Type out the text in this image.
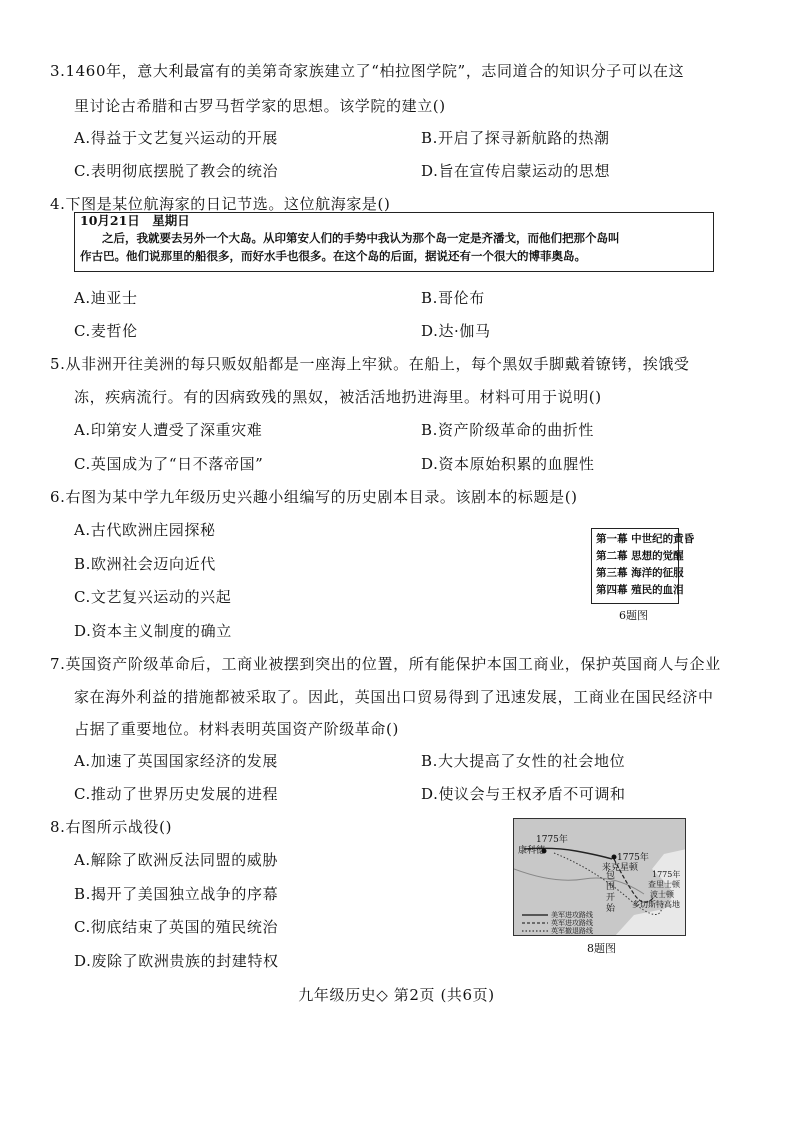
3.1460年，意大利最富有的美第奇家族建立了“柏拉图学院”，志同道合的知识分子可以在这
里讨论古希腊和古罗马哲学家的思想。该学院的建立()
A.得益于文艺复兴运动的开展	B.开启了探寻新航路的热潮
C.表明彻底摆脱了教会的统治	D.旨在宣传启蒙运动的思想
4.下图是某位航海家的日记节选。这位航海家是()
10月21日　星期日
之后，我就要去另外一个大岛。从印第安人们的手势中我认为那个岛一定是齐潘戈，而他们把那个岛叫
作古巴。他们说那里的船很多，而好水手也很多。在这个岛的后面，据说还有一个很大的博菲奥岛。
A.迪亚士	B.哥伦布
C.麦哲伦	D.达·伽马
5.从非洲开往美洲的每只贩奴船都是一座海上牢狱。在船上，每个黑奴手脚戴着镣铐，挨饿受
冻，疾病流行。有的因病致残的黑奴，被活活地扔进海里。材料可用于说明()
A.印第安人遭受了深重灾难	B.资产阶级革命的曲折性
C.英国成为了“日不落帝国”	D.资本原始积累的血腥性
6.右图为某中学九年级历史兴趣小组编写的历史剧本目录。该剧本的标题是()
A.古代欧洲庄园探秘
B.欧洲社会迈向近代
C.文艺复兴运动的兴起
D.资本主义制度的确立
第一幕 中世纪的黄昏
第二幕 思想的觉醒
第三幕 海洋的征服
第四幕 殖民的血泪
6题图
7.英国资产阶级革命后，工商业被摆到突出的位置，所有能保护本国工商业，保护英国商人与企业
家在海外利益的措施都被采取了。因此，英国出口贸易得到了迅速发展，工商业在国民经济中
占据了重要地位。材料表明英国资产阶级革命()
A.加速了英国国家经济的发展	B.大大提高了女性的社会地位
C.推动了世界历史发展的进程	D.使议会与王权矛盾不可调和
8.右图所示战役()
A.解除了欧洲反法同盟的威胁
B.揭开了美国独立战争的序幕
C.彻底结束了英国的殖民统治
D.废除了欧洲贵族的封建特权
1775年
康科德
1775年
来克星顿
包
围
开
始
1775年
查里士顿
波士顿
多切斯特高地
美军进攻路线
英军进攻路线
英军撤退路线
8题图
九年级历史◇ 第2页 (共6页)
